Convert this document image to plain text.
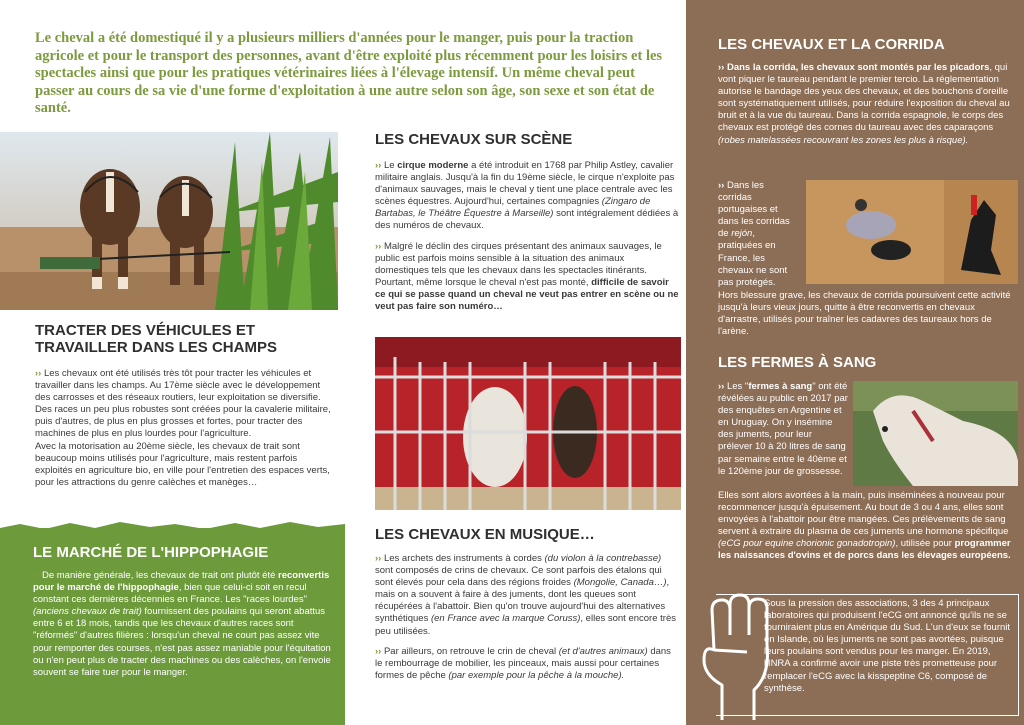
Le cheval a été domestiqué il y a plusieurs milliers d'années pour le manger, puis pour la traction agricole et pour le transport des personnes, avant d'être exploité plus récemment pour les loisirs et les spectacles ainsi que pour les pratiques vétérinaires liées à l'élevage intensif. Un même cheval peut passer au cours de sa vie d'une forme d'exploitation à une autre selon son âge, son sexe et son état de santé.
TRACTER DES VÉHICULES ET TRAVAILLER DANS LES CHAMPS

›› Les chevaux ont été utilisés très tôt pour tracter les véhicules et travailler dans les champs. Au 17ème siècle avec le développement des carrosses et des réseaux routiers, leur exploitation se diversifie. Des races un peu plus robustes sont créées pour la cavalerie militaire, puis d'autres, de plus en plus grosses et fortes, pour tracter des machines de plus en plus lourdes pour l'agriculture.

Avec la motorisation au 20ème siècle, les chevaux de trait sont beaucoup moins utilisés pour l'agriculture, mais restent parfois exploités en agriculture bio, en ville pour l'entretien des espaces verts, pour les attractions du genre calèches et manèges…

LE MARCHÉ DE L'HIPPOPHAGIE

›› De manière générale, les chevaux de trait ont plutôt été reconvertis pour le marché de l'hippophagie, bien que celui-ci soit en recul constant ces dernières décennies en France. Les "races lourdes" (anciens chevaux de trait) fournissent des poulains qui seront abattus entre 6 et 18 mois, tandis que les chevaux d'autres races sont "réformés" d'autres filières : lorsqu'un cheval ne court pas assez vite pour remporter des courses, n'est pas assez maniable pour l'équitation ou n'en peut plus de tracter des machines ou des calèches, on l'envoie souvent se faire tuer pour le manger.

LES CHEVAUX SUR SCÈNE

›› Le cirque moderne a été introduit en 1768 par Philip Astley, cavalier militaire anglais. Jusqu'à la fin du 19ème siècle, le cirque n'exploite pas d'animaux sauvages, mais le cheval y tient une place centrale avec les scènes équestres. Aujourd'hui, certaines compagnies (Zingaro de Bartabas, le Théâtre Équestre à Marseille) sont intégralement dédiées à des numéros de chevaux.

›› Malgré le déclin des cirques présentant des animaux sauvages, le public est parfois moins sensible à la situation des animaux domestiques tels que les chevaux dans les spectacles itinérants. Pourtant, même lorsque le cheval n'est pas monté, difficile de savoir ce qui se passe quand un cheval ne veut pas entrer en scène ou ne veut pas faire son numéro…

LES CHEVAUX EN MUSIQUE…

›› Les archets des instruments à cordes (du violon à la contrebasse) sont composés de crins de chevaux. Ce sont parfois des étalons qui sont élevés pour cela dans des régions froides (Mongolie, Canada…), mais on a souvent à faire à des juments, dont les queues sont récupérées à l'abattoir. Bien qu'on trouve aujourd'hui des alternatives synthétiques (en France avec la marque Coruss), elles sont encore très peu utilisées.

›› Par ailleurs, on retrouve le crin de cheval (et d'autres animaux) dans le rembourrage de mobilier, les pinceaux, mais aussi pour certaines formes de pêche (par exemple pour la pêche à la mouche).

LES CHEVAUX ET LA CORRIDA

›› Dans la corrida, les chevaux sont montés par les picadors, qui vont piquer le taureau pendant le premier tercio. La réglementation autorise le bandage des yeux des chevaux, et des bouchons d'oreille sont systématiquement utilisés, pour réduire l'exposition du cheval au bruit et à la vue du taureau. Dans la corrida espagnole, le corps des chevaux est protégé des cornes du taureau avec des caparaçons (robes matelassées recouvrant les zones les plus à risque).

›› Dans les corridas portugaises et dans les corridas de rejón, pratiquées en France, les chevaux ne sont pas protégés.

Hors blessure grave, les chevaux de corrida poursuivent cette activité jusqu'à leurs vieux jours, quitte à être reconvertis en chevaux d'arrastre, utilisés pour traîner les cadavres des taureaux hors de l'arène.

LES FERMES À SANG

›› Les "fermes à sang" ont été révélées au public en 2017 par des enquêtes en Argentine et en Uruguay. On y insémine des juments, pour leur prélever 10 à 20 litres de sang par semaine entre le 40ème et le 120ème jour de grossesse.

Elles sont alors avortées à la main, puis inséminées à nouveau pour recommencer jusqu'à épuisement. Au bout de 3 ou 4 ans, elles sont envoyées à l'abattoir pour être mangées. Ces prélèvements de sang servent à extraire du plasma de ces juments une hormone spécifique (eCG pour equine chorionic gonadotropin), utilisée pour programmer les naissances d'ovins et de porcs dans les élevages européens.

Sous la pression des associations, 3 des 4 principaux laboratoires qui produisent l'eCG ont annoncé qu'ils ne se fourniraient plus en Amérique du Sud. L'un d'eux se fournit en Islande, où les juments ne sont pas avortées, puisque leurs poulains sont vendus pour les manger. En 2019, l'INRA a confirmé avoir une piste très prometteuse pour remplacer l'eCG avec la kisspeptine C6, composé de synthèse.
